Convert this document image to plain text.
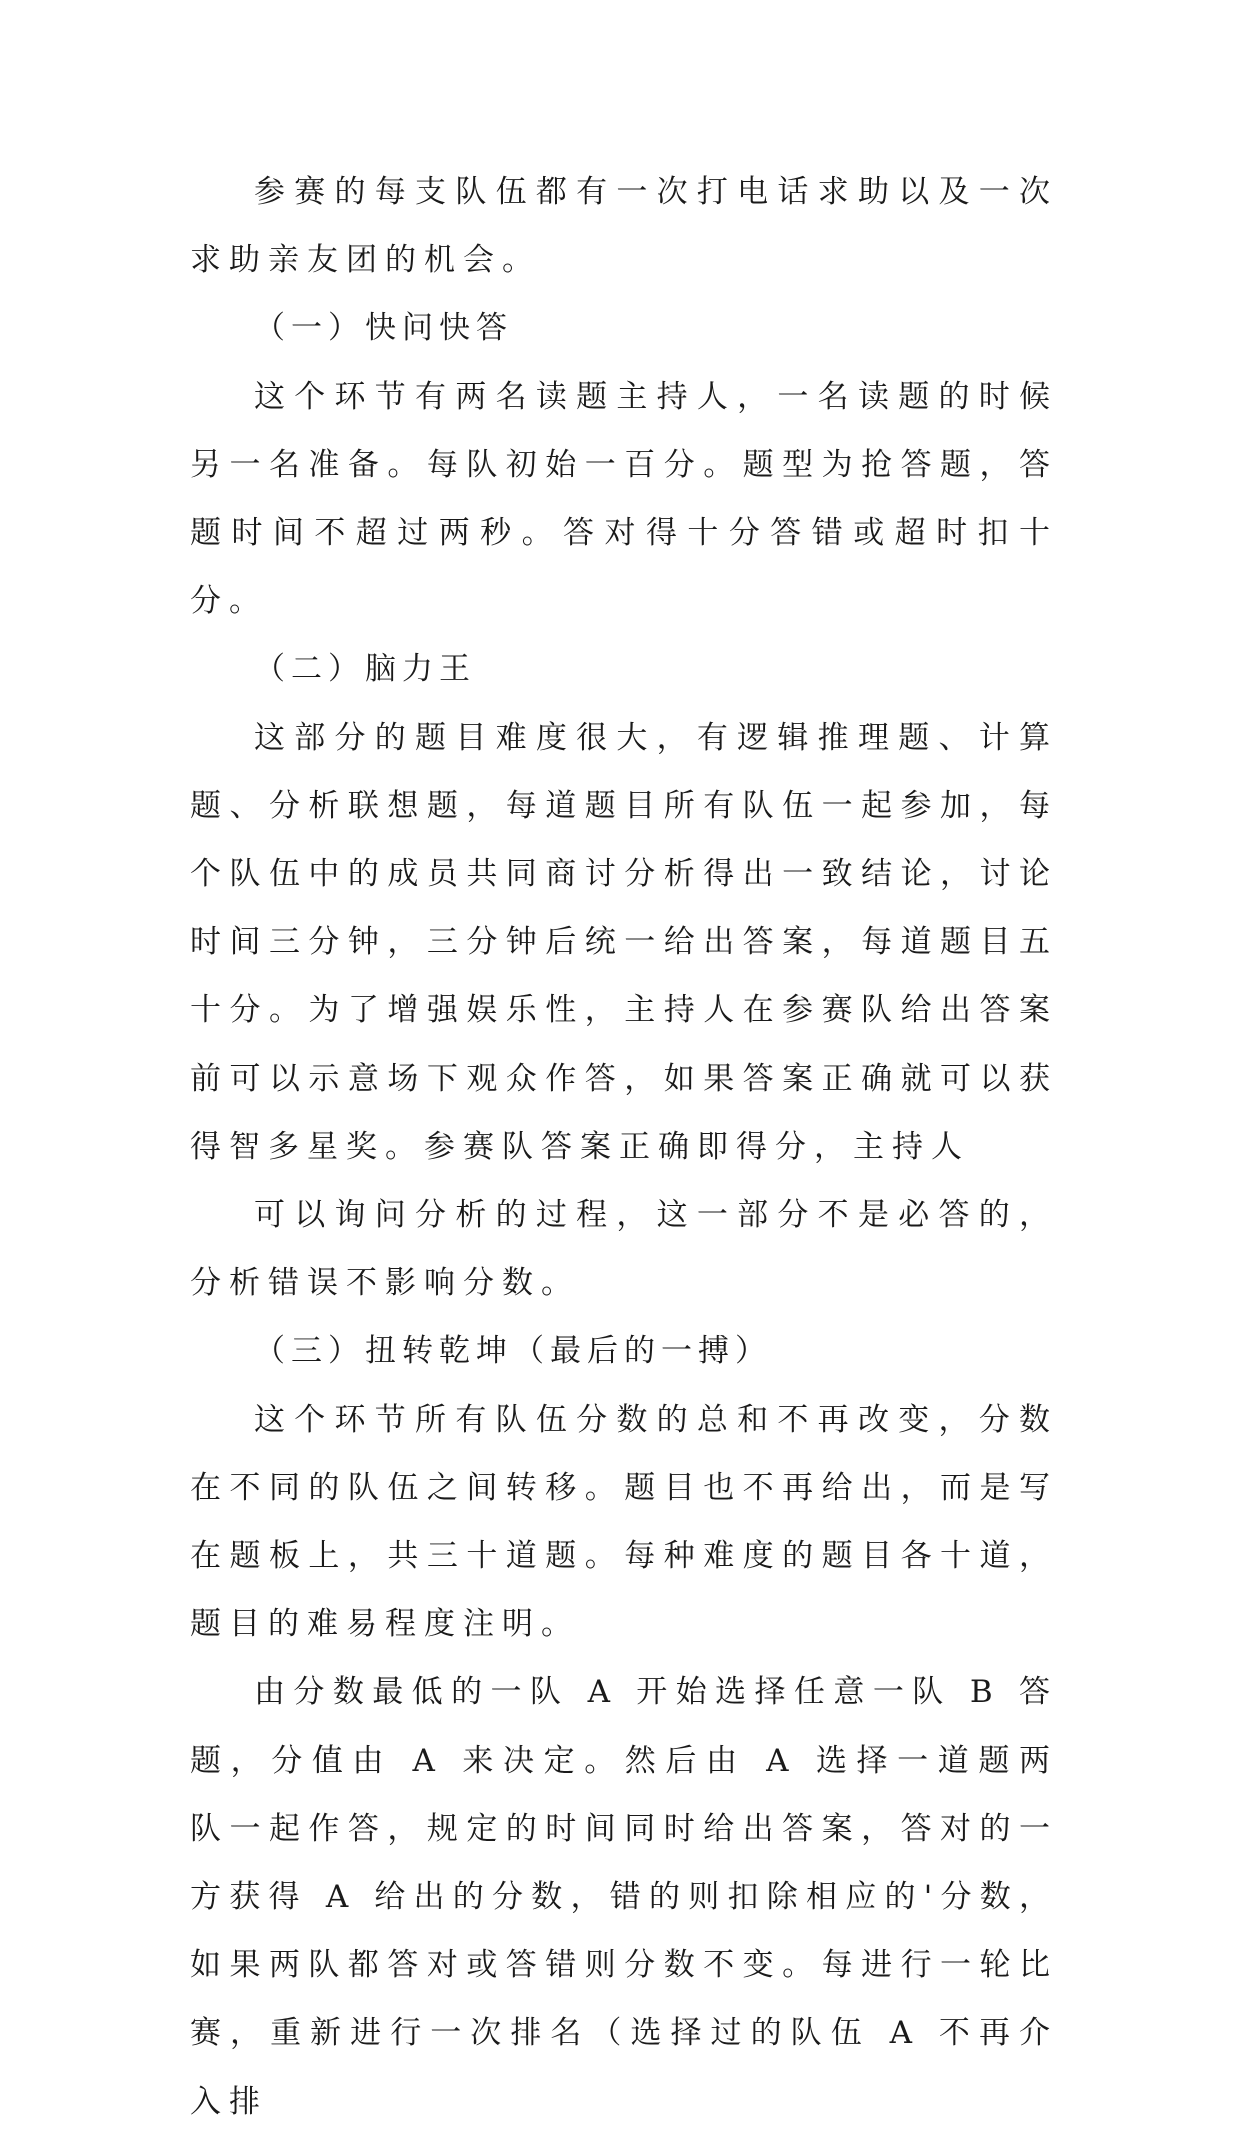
参赛的每支队伍都有一次打电话求助以及一次求助亲友团的机会。

（一）快问快答

这个环节有两名读题主持人，一名读题的时候另一名准备。每队初始一百分。题型为抢答题，答题时间不超过两秒。答对得十分答错或超时扣十分。

（二）脑力王

这部分的题目难度很大，有逻辑推理题、计算题、分析联想题，每道题目所有队伍一起参加，每个队伍中的成员共同商讨分析得出一致结论，讨论时间三分钟，三分钟后统一给出答案，每道题目五十分。为了增强娱乐性，主持人在参赛队给出答案前可以示意场下观众作答，如果答案正确就可以获得智多星奖。参赛队答案正确即得分，主持人

可以询问分析的过程，这一部分不是必答的，分析错误不影响分数。

（三）扭转乾坤（最后的一搏）

这个环节所有队伍分数的总和不再改变，分数在不同的队伍之间转移。题目也不再给出，而是写在题板上，共三十道题。每种难度的题目各十道，题目的难易程度注明。

由分数最低的一队 A 开始选择任意一队 B 答题，分值由 A 来决定。然后由 A 选择一道题两队一起作答，规定的时间同时给出答案，答对的一方获得 A 给出的分数，错的则扣除相应的'分数，如果两队都答对或答错则分数不变。每进行一轮比赛，重新进行一次排名（选择过的队伍 A 不再介入排
